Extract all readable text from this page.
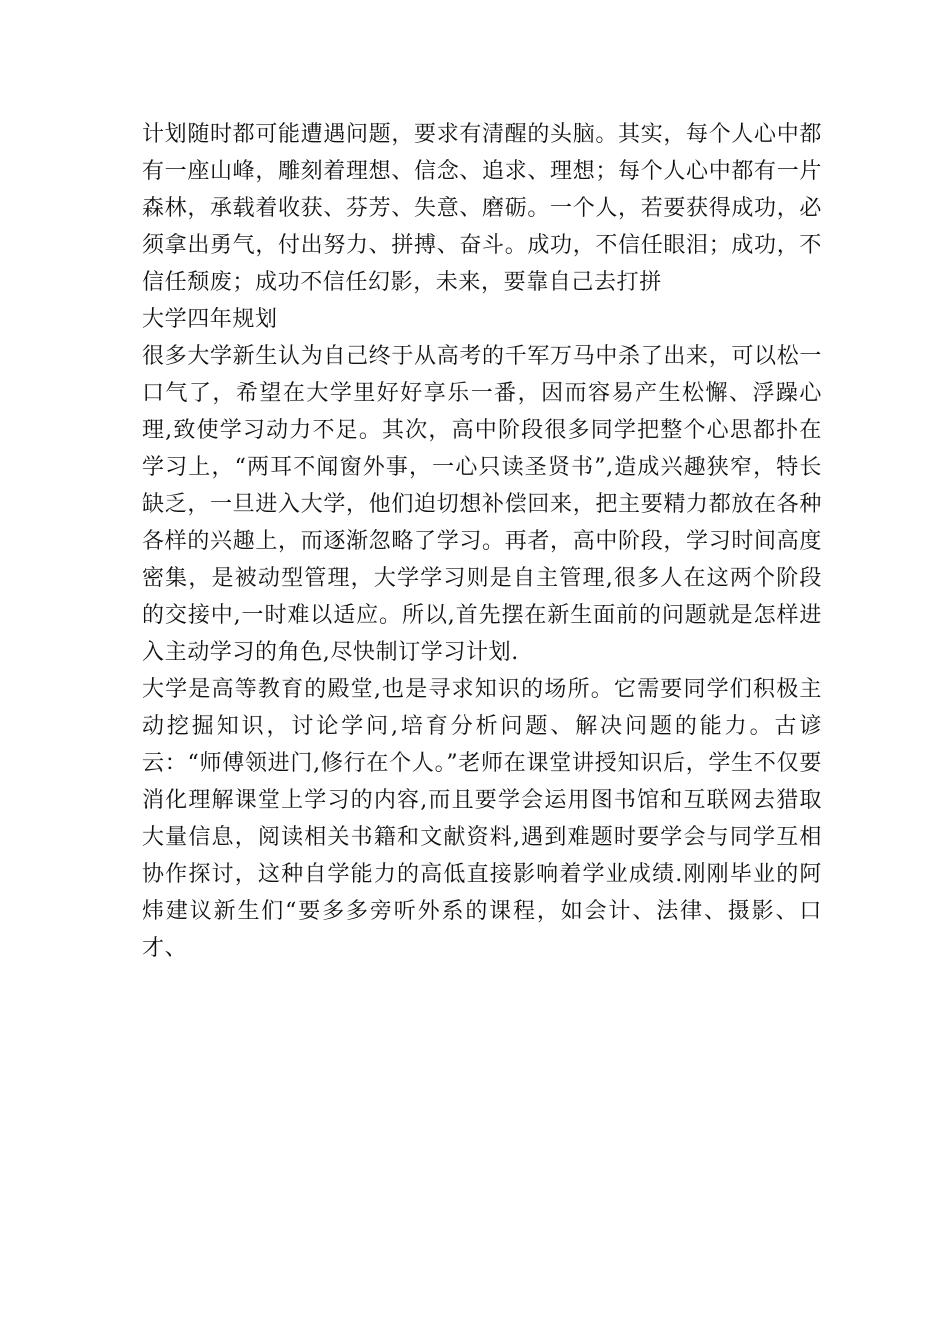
计划随时都可能遭遇问题，要求有清醒的头脑。其实，每个人心中都有一座山峰，雕刻着理想、信念、追求、理想；每个人心中都有一片森林，承载着收获、芬芳、失意、磨砺。一个人，若要获得成功，必须拿出勇气，付出努力、拼搏、奋斗。成功，不信任眼泪；成功，不信任颓废；成功不信任幻影，未来，要靠自己去打拼

大学四年规划

很多大学新生认为自己终于从高考的千军万马中杀了出来，可以松一口气了，希望在大学里好好享乐一番，因而容易产生松懈、浮躁心理,致使学习动力不足。其次，高中阶段很多同学把整个心思都扑在学习上，“两耳不闻窗外事，一心只读圣贤书”,造成兴趣狭窄，特长缺乏，一旦进入大学，他们迫切想补偿回来，把主要精力都放在各种各样的兴趣上，而逐渐忽略了学习。再者，高中阶段，学习时间高度密集，是被动型管理，大学学习则是自主管理,很多人在这两个阶段的交接中,一时难以适应。所以,首先摆在新生面前的问题就是怎样进入主动学习的角色,尽快制订学习计划.

大学是高等教育的殿堂,也是寻求知识的场所。它需要同学们积极主动挖掘知识，讨论学问,培育分析问题、解决问题的能力。古谚云：“师傅领进门,修行在个人。”老师在课堂讲授知识后，学生不仅要消化理解课堂上学习的内容,而且要学会运用图书馆和互联网去猎取大量信息，阅读相关书籍和文献资料,遇到难题时要学会与同学互相协作探讨，这种自学能力的高低直接影响着学业成绩.刚刚毕业的阿炜建议新生们“要多多旁听外系的课程，如会计、法律、摄影、口才、
